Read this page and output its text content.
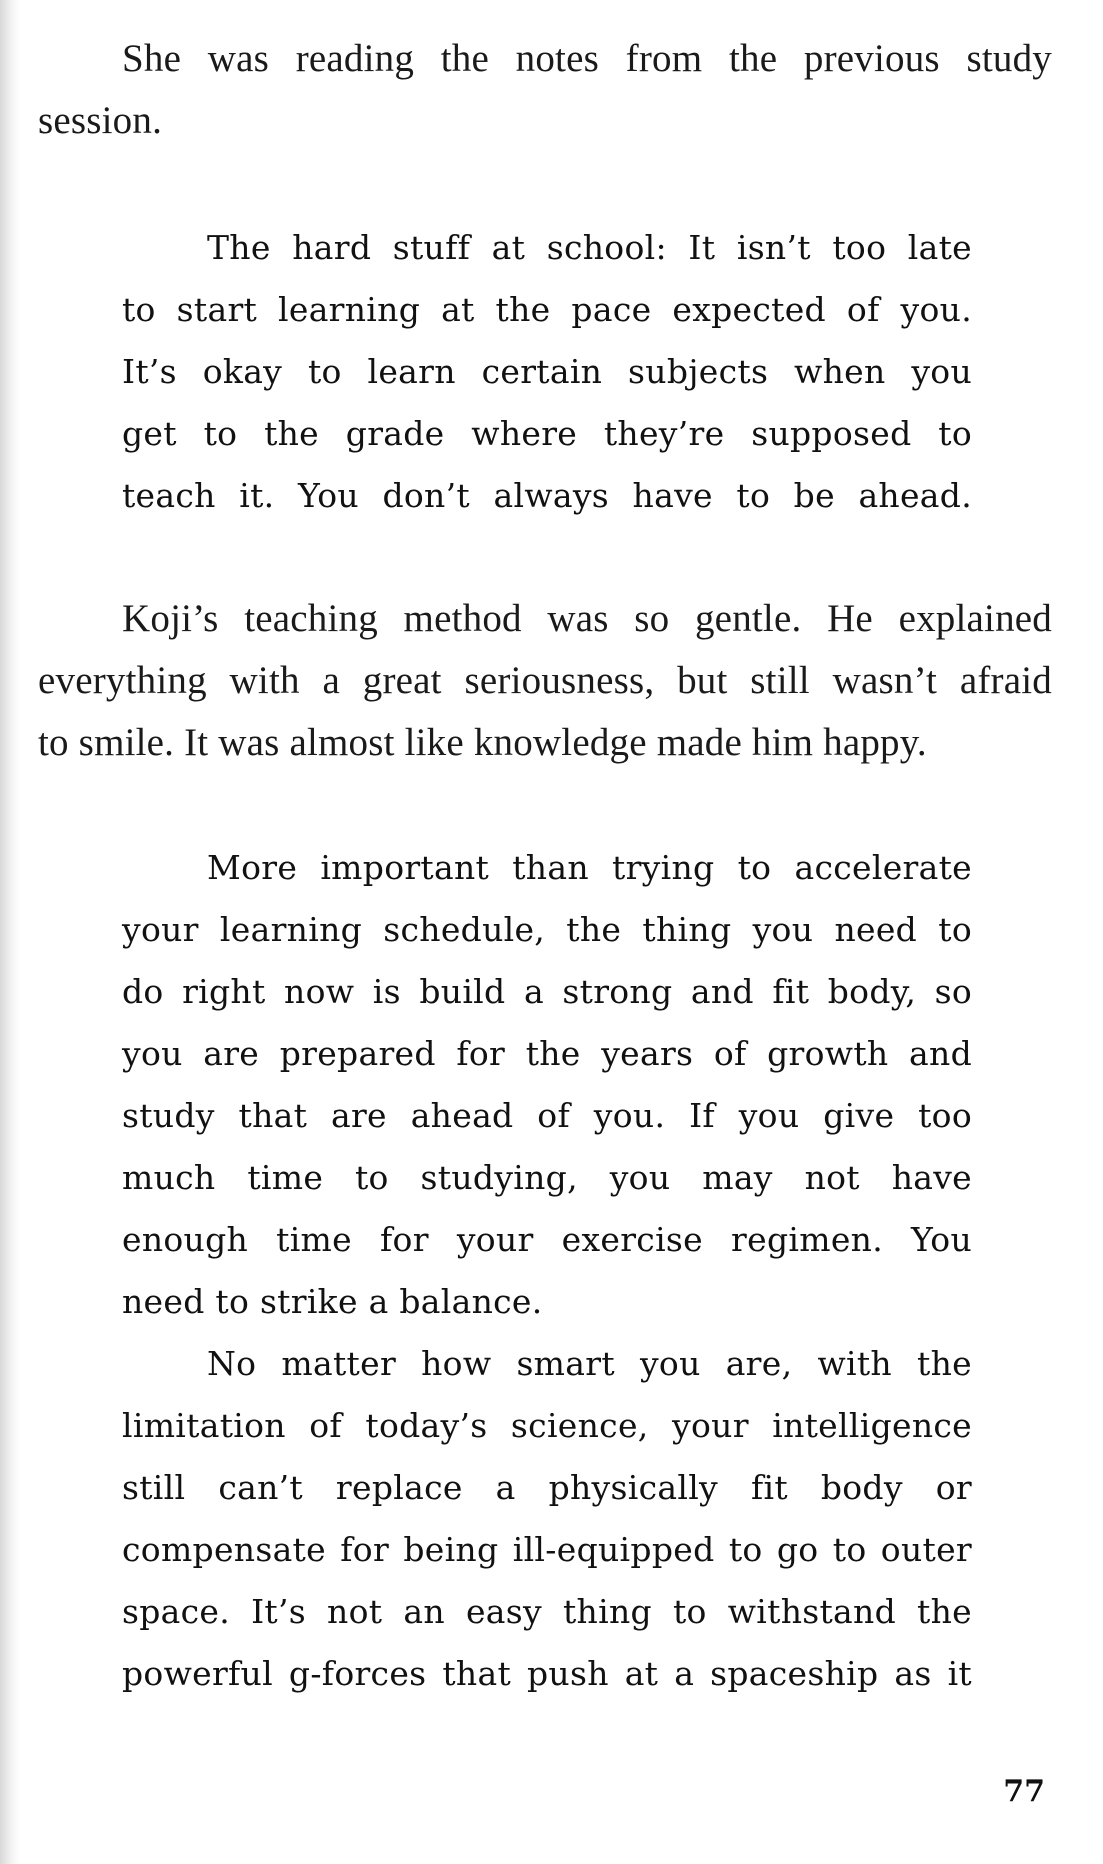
She was reading the notes from the previous study
session.
The hard stuff at school: It isn’t too late
to start learning at the pace expected of you.
It’s okay to learn certain subjects when you
get to the grade where they’re supposed to
teach it. You don’t always have to be ahead.
Koji’s teaching method was so gentle. He explained
everything with a great seriousness, but still wasn’t afraid
to smile. It was almost like knowledge made him happy.
More important than trying to accelerate
your learning schedule, the thing you need to
do right now is build a strong and fit body, so
you are prepared for the years of growth and
study that are ahead of you. If you give too
much time to studying, you may not have
enough time for your exercise regimen. You
need to strike a balance.
No matter how smart you are, with the
limitation of today’s science, your intelligence
still can’t replace a physically fit body or
compensate for being ill-equipped to go to outer
space. It’s not an easy thing to withstand the
powerful g-forces that push at a spaceship as it
77
